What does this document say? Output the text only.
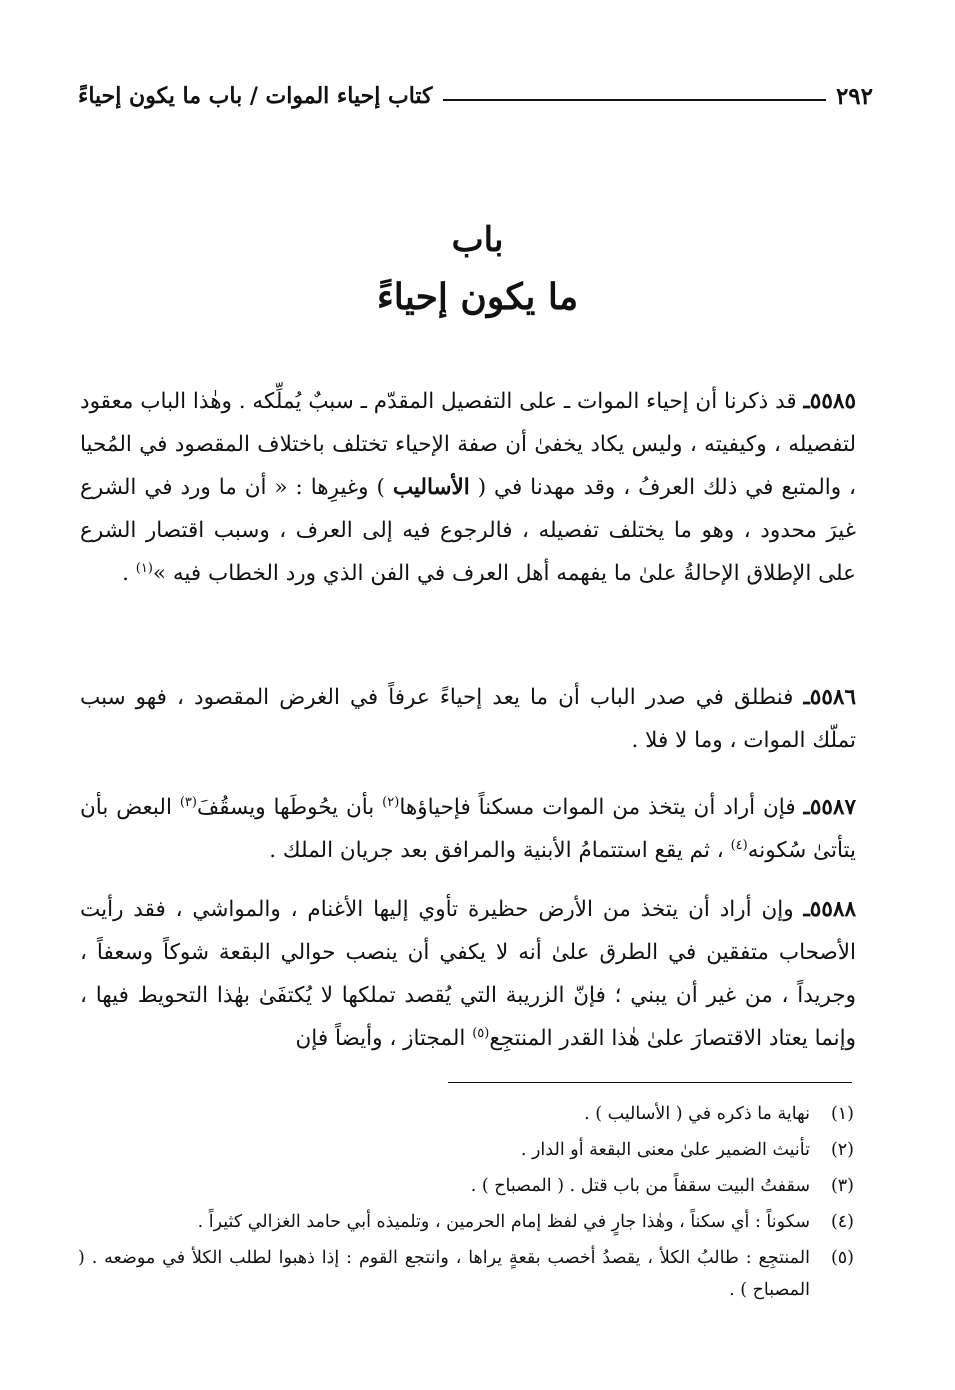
٢٩٢
كتاب إحياء الموات / باب ما يكون إحياءً
باب
ما يكون إحياءً
٥٥٨٥ـ قد ذكرنا أن إحياء الموات ـ على التفصيل المقدّم ـ سببٌ يُملِّكه . وهٰذا الباب معقود لتفصيله ، وكيفيته ، وليس يكاد يخفىٰ أن صفة الإحياء تختلف باختلاف المقصود في المُحيا ، والمتبع في ذلك العرفُ ، وقد مهدنا في ( الأساليب ) وغيرِها : « أن ما ورد في الشرع غيرَ محدود ، وهو ما يختلف تفصيله ، فالرجوع فيه إلى العرف ، وسبب اقتصار الشرع على الإطلاق الإحالةُ علىٰ ما يفهمه أهل العرف في الفن الذي ورد الخطاب فيه »$^{(١)}$ .
٥٥٨٦ـ فنطلق في صدر الباب أن ما يعد إحياءً عرفاً في الغرض المقصود ، فهو سبب تملّك الموات ، وما لا فلا .
٥٥٨٧ـ فإن أراد أن يتخذ من الموات مسكناً فإحياؤها$^{(٢)}$ بأن يحُوطَها ويسقُفَ$^{(٣)}$ البعض بأن يتأتىٰ سُكونه$^{(٤)}$ ، ثم يقع استتمامُ الأبنية والمرافق بعد جريان الملك .
٥٥٨٨ـ وإن أراد أن يتخذ من الأرض حظيرة تأوي إليها الأغنام ، والمواشي ، فقد رأيت الأصحاب متفقين في الطرق علىٰ أنه لا يكفي أن ينصب حوالي البقعة شوكاً وسعفاً ، وجريداً ، من غير أن يبني ؛ فإنّ الزريبة التي يُقصد تملكها لا يُكتفَىٰ بهٰذا التحويط فيها ، وإنما يعتاد الاقتصارَ علىٰ هٰذا القدر المنتجِع$^{(٥)}$ المجتاز ، وأيضاً فإن
(١)
نهاية ما ذكره في ( الأساليب ) .
(٢)
تأنيث الضمير علىٰ معنى البقعة أو الدار .
(٣)
سقفتُ البيت سقفاً من باب قتل . ( المصباح ) .
(٤)
سكوناً : أي سكناً ، وهٰذا جارٍ في لفظ إمام الحرمين ، وتلميذه أبي حامد الغزالي كثيراً .
(٥)
المنتجِع : طالبُ الكلأ ، يقصدُ أخصب بقعةٍ يراها ، وانتجع القوم : إذا ذهبوا لطلب الكلأ في موضعه . ( المصباح ) .
